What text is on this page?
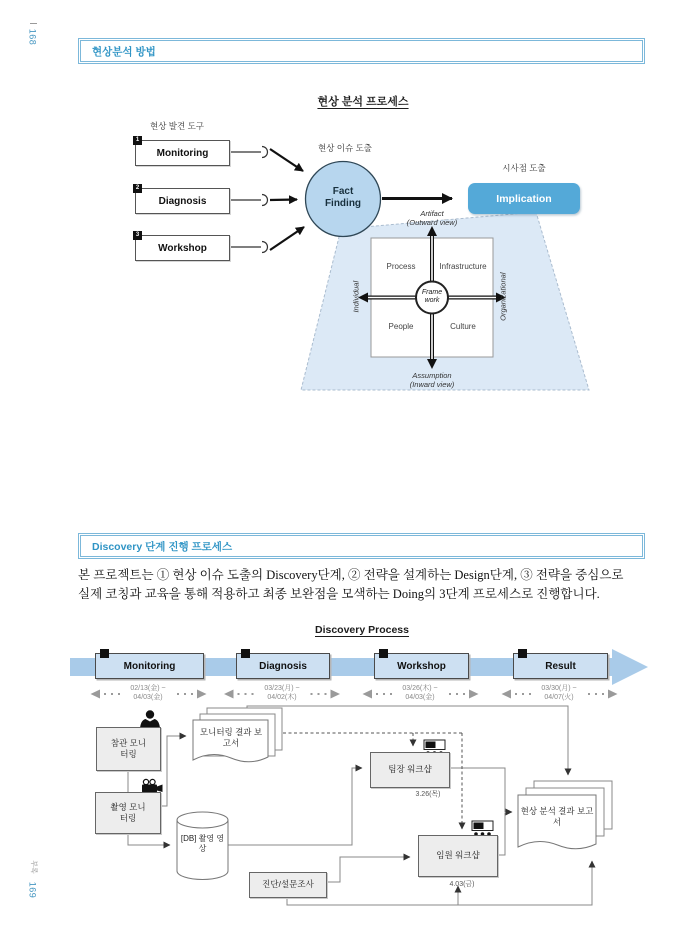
168
부록
169
현상분석 방법
현상 분석 프로세스
현상 발견 도구
1
Monitoring
2
Diagnosis
3
Workshop
현상 이슈 도출
Fact Finding
시사점 도출
Implication
Artifact
(Outward view)
Assumption
(Inward view)
Individual	Organizational
Process	Infrastructure
People	Culture
Frame work
Discovery 단계 진행 프로세스
본 프로젝트는 ① 현상 이슈 도출의 Discovery단계, ② 전략을 설계하는 Design단계, ③ 전략을 중심으로 실제 코칭과 교육을 통해 적용하고 최종 보완점을 모색하는 Doing의 3단계 프로세스로 진행합니다.
Discovery Process
Monitoring	Diagnosis	Workshop	Result
02/13(金) ~
04/03(金)
03/23(月) ~
04/02(木)
03/26(木) ~
04/03(金)
03/30(月) ~
04/07(火)
참관 모니터링
촬영 모니터링
모니터링 결과 보고서
[DB] 촬영 영상
팀장 워크샵
3.26(목)
임원 워크샵
4.03(금)
진단/설문조사
현상 분석 결과 보고서
